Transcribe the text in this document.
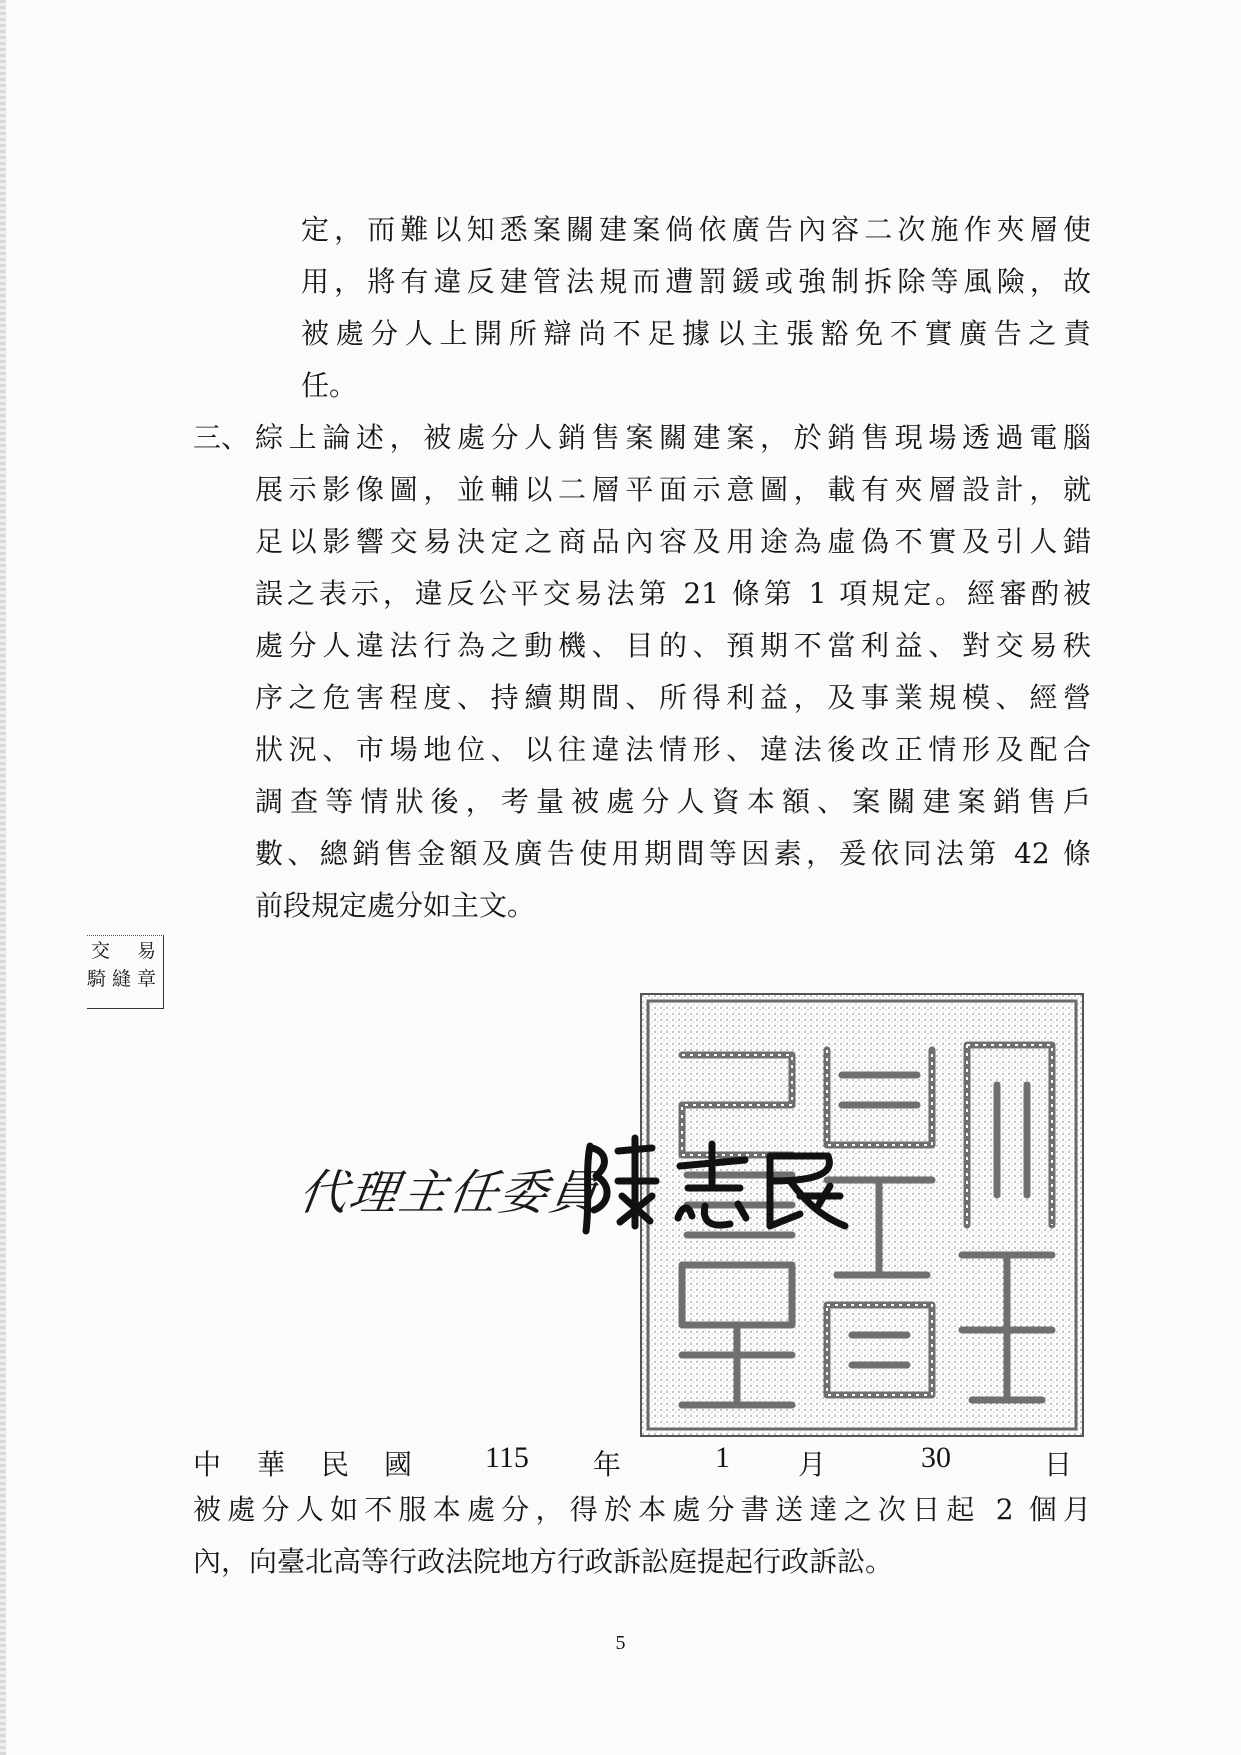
定，而難以知悉案關建案倘依廣告內容二次施作夾層使
用，將有違反建管法規而遭罰鍰或強制拆除等風險，故
被處分人上開所辯尚不足據以主張豁免不實廣告之責
任。
三、 綜上論述，被處分人銷售案關建案，於銷售現場透過電腦
展示影像圖，並輔以二層平面示意圖，載有夾層設計，就
足以影響交易決定之商品內容及用途為虛偽不實及引人錯
誤之表示，違反公平交易法第 21 條第 1 項規定。經審酌被
處分人違法行為之動機、目的、預期不當利益、對交易秩
序之危害程度、持續期間、所得利益，及事業規模、經營
狀況、市場地位、以往違法情形、違法後改正情形及配合
調查等情狀後，考量被處分人資本額、案關建案銷售戶
數、總銷售金額及廣告使用期間等因素，爰依同法第 42 條
前段規定處分如主文。
交 易
騎 縫 章
代理主任委員
中 華 民 國 115 年	1 月	30	日
被處分人如不服本處分，得於本處分書送達之次日起 2 個月
內，向臺北高等行政法院地方行政訴訟庭提起行政訴訟。
5
